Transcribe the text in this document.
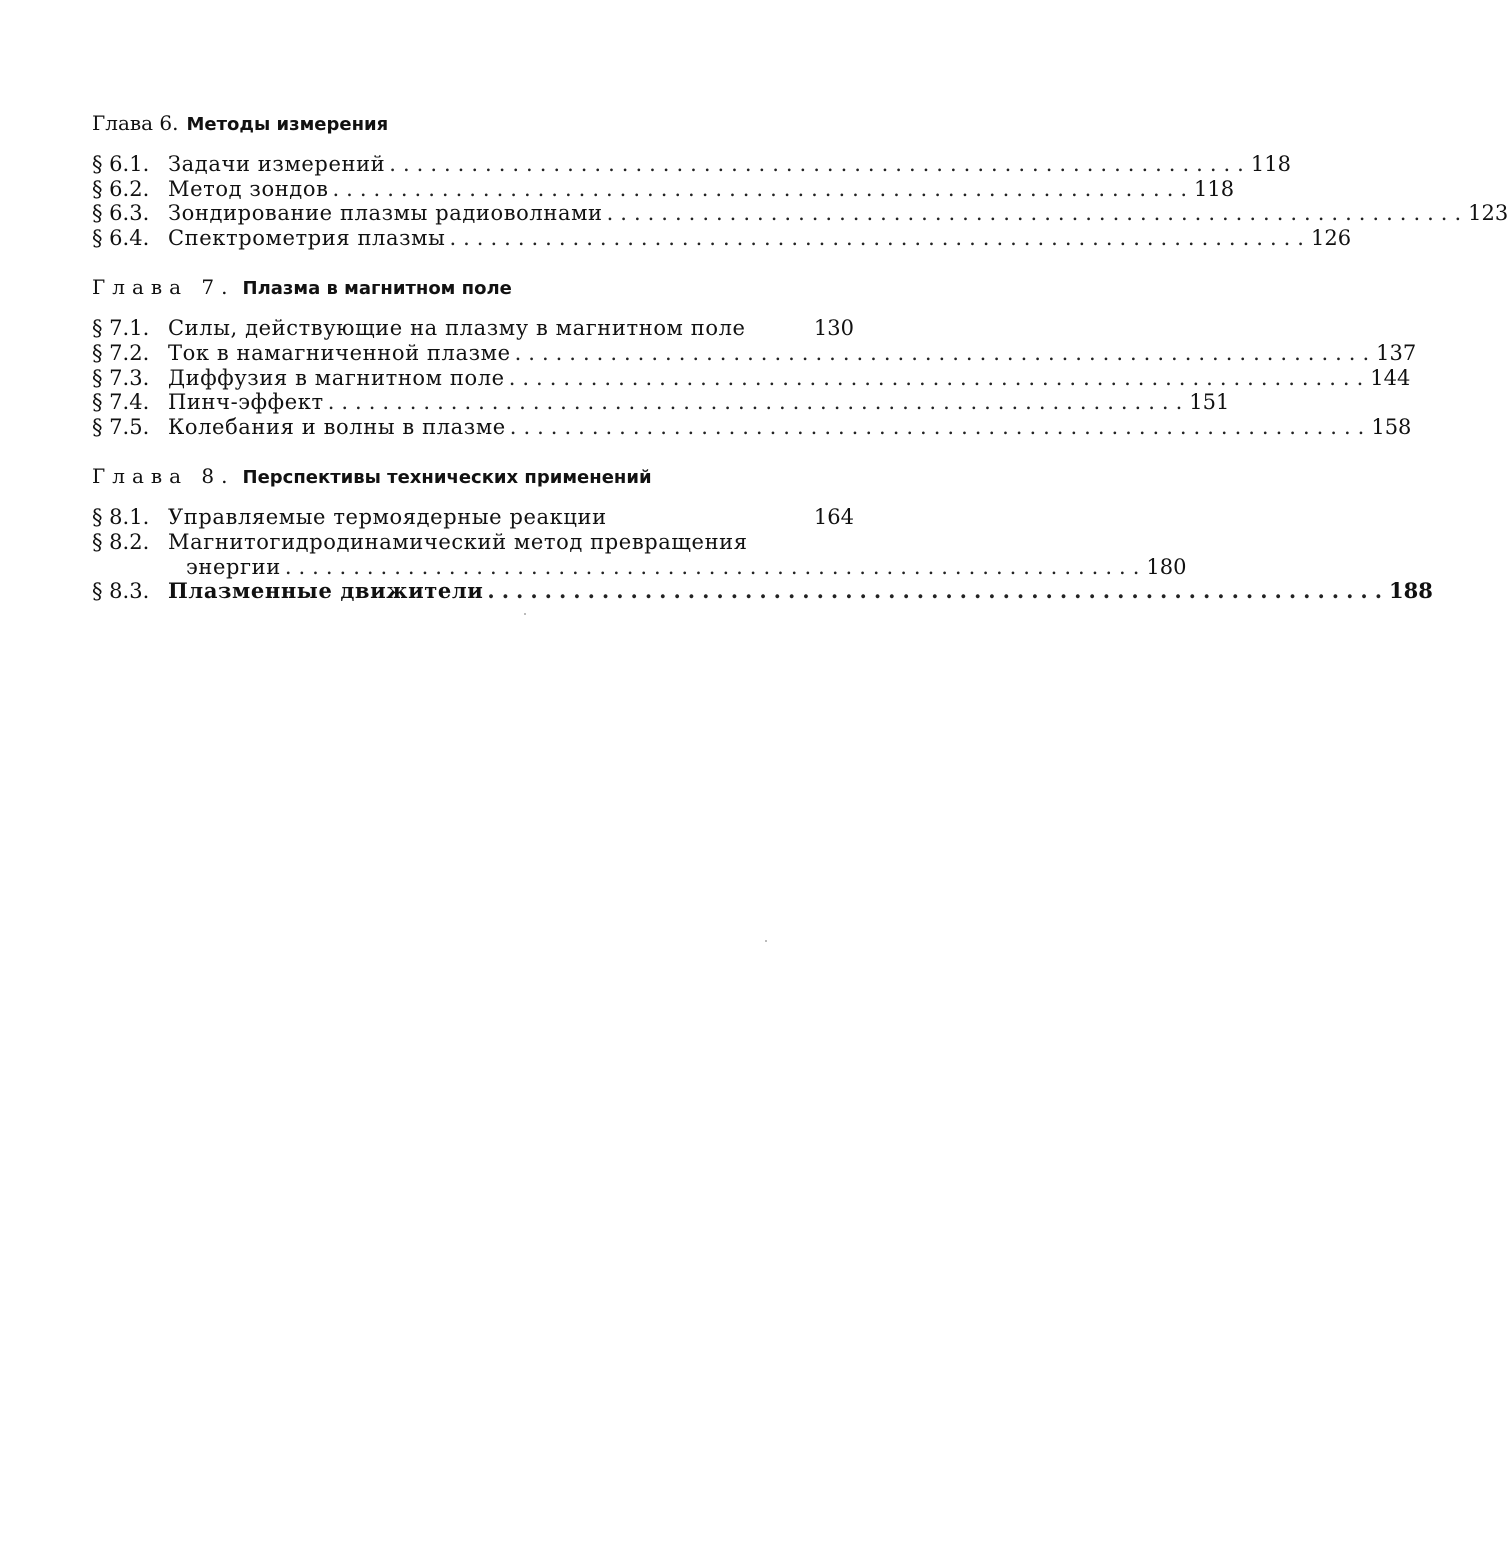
Глава 6. Методы измерения
§ 6.1. Задачи измерений ............................................................... 118
§ 6.2. Метод зондов ............................................................... 118
§ 6.3. Зондирование плазмы радиоволнами ............................................................... 123
§ 6.4. Спектрометрия плазмы ............................................................... 126
Глава 7. Плазма в магнитном поле
§ 7.1. Силы, действующие на плазму в магнитном поле	130
§ 7.2. Ток в намагниченной плазме ............................................................... 137
§ 7.3. Диффузия в магнитном поле ............................................................... 144
§ 7.4. Пинч-эффект ............................................................... 151
§ 7.5. Колебания и волны в плазме ............................................................... 158
Глава 8. Перспективы технических применений
§ 8.1. Управляемые термоядерные реакции	164
§ 8.2. Магнитогидродинамический метод превращения
энергии ............................................................... 180
§ 8.3. Плазменные движители ............................................................... 188
